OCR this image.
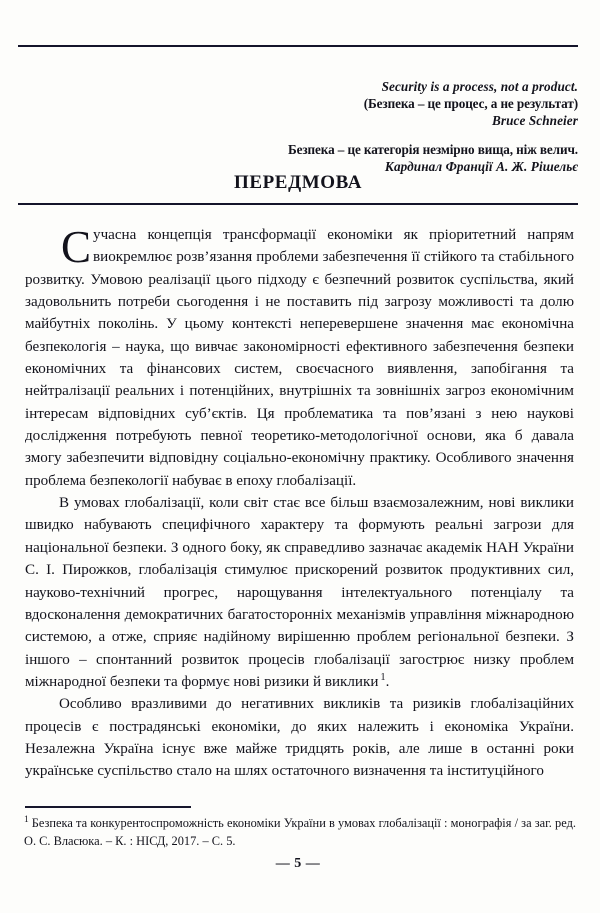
Security is a process, not a product.
(Безпека – це процес, а не результат)
Bruce Schneier
Безпека – це категорія незмірно вища, ніж велич.
Кардинал Франції А. Ж. Рішельє
ПЕРЕДМОВА

Сучасна концепція трансформації економіки як пріоритетний напрям виокремлює розв’язання проблеми забезпечення її стійкого та стабільного розвитку. Умовою реалізації цього підходу є безпечний розвиток суспільства, який задовольнить потреби сьогодення і не поставить під загрозу можливості та долю майбутніх поколінь. У цьому контексті неперевершене значення має економічна безпекологія – наука, що вивчає закономірності ефективного забезпечення безпеки економічних та фінансових систем, своєчасного виявлення, запобігання та нейтралізації реальних і потенційних, внутрішніх та зовнішніх загроз економічним інтересам відповідних суб’єктів. Ця проблематика та пов’язані з нею наукові дослідження потребують певної теоретико-методологічної основи, яка б давала змогу забезпечити відповідну соціально-економічну практику. Особливого значення проблема безпекології набуває в епоху глобалізації.

В умовах глобалізації, коли світ стає все більш взаємозалежним, нові виклики швидко набувають специфічного характеру та формують реальні загрози для національної безпеки. З одного боку, як справедливо зазначає академік НАН України С. І. Пирожков, глобалізація стимулює прискорений розвиток продуктивних сил, науково-технічний прогрес, нарощування інтелектуального потенціалу та вдосконалення демократичних багатосторонніх механізмів управління міжнародною системою, а отже, сприяє надійному вирішенню проблем регіональної безпеки. З іншого – спонтанний розвиток процесів глобалізації загострює низку проблем міжнародної безпеки та формує нові ризики й виклики $^1$.

Особливо вразливими до негативних викликів та ризиків глобалізаційних процесів є пострадянські економіки, до яких належить і економіка України. Незалежна Україна існує вже майже тридцять років, але лише в останні роки українське суспільство стало на шлях остаточного визначення та інституційного

$^1$ Безпека та конкурентоспроможність економіки України в умовах глобалізації : монографія / за заг. ред. О. С. Власюка. – К. : НІСД, 2017. – С. 5.
— 5 —
